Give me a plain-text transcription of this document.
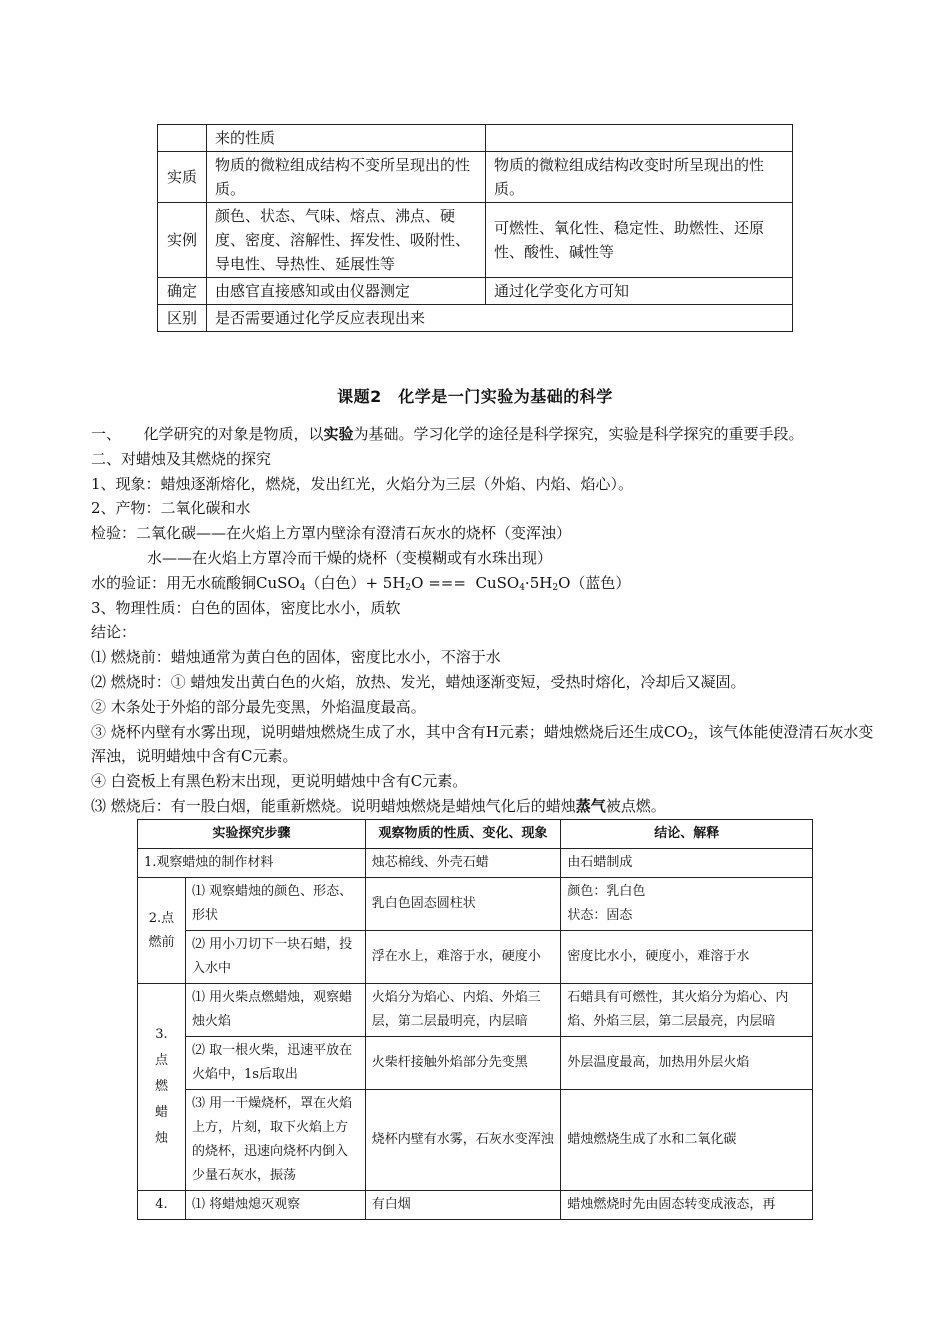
	来的性质	
实质	物质的微粒组成结构不变所呈现出的性质。	物质的微粒组成结构改变时所呈现出的性质。
实例	颜色、状态、气味、熔点、沸点、硬度、密度、溶解性、挥发性、吸附性、导电性、导热性、延展性等	可燃性、氧化性、稳定性、助燃性、还原性、酸性、碱性等
确定	由感官直接感知或由仪器测定	通过化学变化方可知
区别	是否需要通过化学反应表现出来	
课题2　化学是一门实验为基础的科学
一、　　化学研究的对象是物质，以实验为基础。学习化学的途径是科学探究，实验是科学探究的重要手段。
二、对蜡烛及其燃烧的探究
1、现象：蜡烛逐渐熔化，燃烧，发出红光，火焰分为三层（外焰、内焰、焰心）。
2、产物：二氧化碳和水
检验：二氧化碳——在火焰上方罩内壁涂有澄清石灰水的烧杯（变浑浊）
水——在火焰上方罩冷而干燥的烧杯（变模糊或有水珠出现）
水的验证：用无水硫酸铜CuSO$_4$（白色）+ $5H_2O$ ===  $CuSO_4\cdot 5H_2O$（蓝色）
3、物理性质：白色的固体，密度比水小，质软
结论：
⑴ 燃烧前：蜡烛通常为黄白色的固体，密度比水小，不溶于水
⑵ 燃烧时：① 蜡烛发出黄白色的火焰，放热、发光，蜡烛逐渐变短，受热时熔化，冷却后又凝固。
② 木条处于外焰的部分最先变黑，外焰温度最高。
③ 烧杯内壁有水雾出现，说明蜡烛燃烧生成了水，其中含有H元素；蜡烛燃烧后还生成$CO_2$，该气体能使澄清石灰水变浑浊，说明蜡烛中含有C元素。
④ 白瓷板上有黑色粉末出现，更说明蜡烛中含有C元素。
⑶ 燃烧后：有一股白烟，能重新燃烧。说明蜡烛燃烧是蜡烛气化后的蜡烛蒸气被点燃。
实验探究步骤		观察物质的性质、变化、现象	结论、解释
1.观察蜡烛的制作材料		烛芯棉线、外壳石蜡	由石蜡制成
2.点燃前	⑴ 观察蜡烛的颜色、形态、形状	乳白色固态圆柱状	颜色：乳白色
状态：固态

	⑵ 用小刀切下一块石蜡，投入水中	浮在水上，难溶于水，硬度小	密度比水小，硬度小，难溶于水

3.
点
燃
蜡
烛	⑴ 用火柴点燃蜡烛，观察蜡烛火焰	火焰分为焰心、内焰、外焰三层，第二层最明亮，内层暗	石蜡具有可燃性，其火焰分为焰心、内焰、外焰三层，第二层最亮，内层暗
	⑵ 取一根火柴，迅速平放在火焰中，1s后取出	火柴杆接触外焰部分先变黑	外层温度最高，加热用外层火焰
	⑶ 用一干燥烧杯，罩在火焰上方，片刻，取下火焰上方的烧杯，迅速向烧杯内倒入少量石灰水，振荡	烧杯内壁有水雾，石灰水变浑浊	蜡烛燃烧生成了水和二氧化碳
4.	⑴ 将蜡烛熄灭观察	有白烟	蜡烛燃烧时先由固态转变成液态，再
